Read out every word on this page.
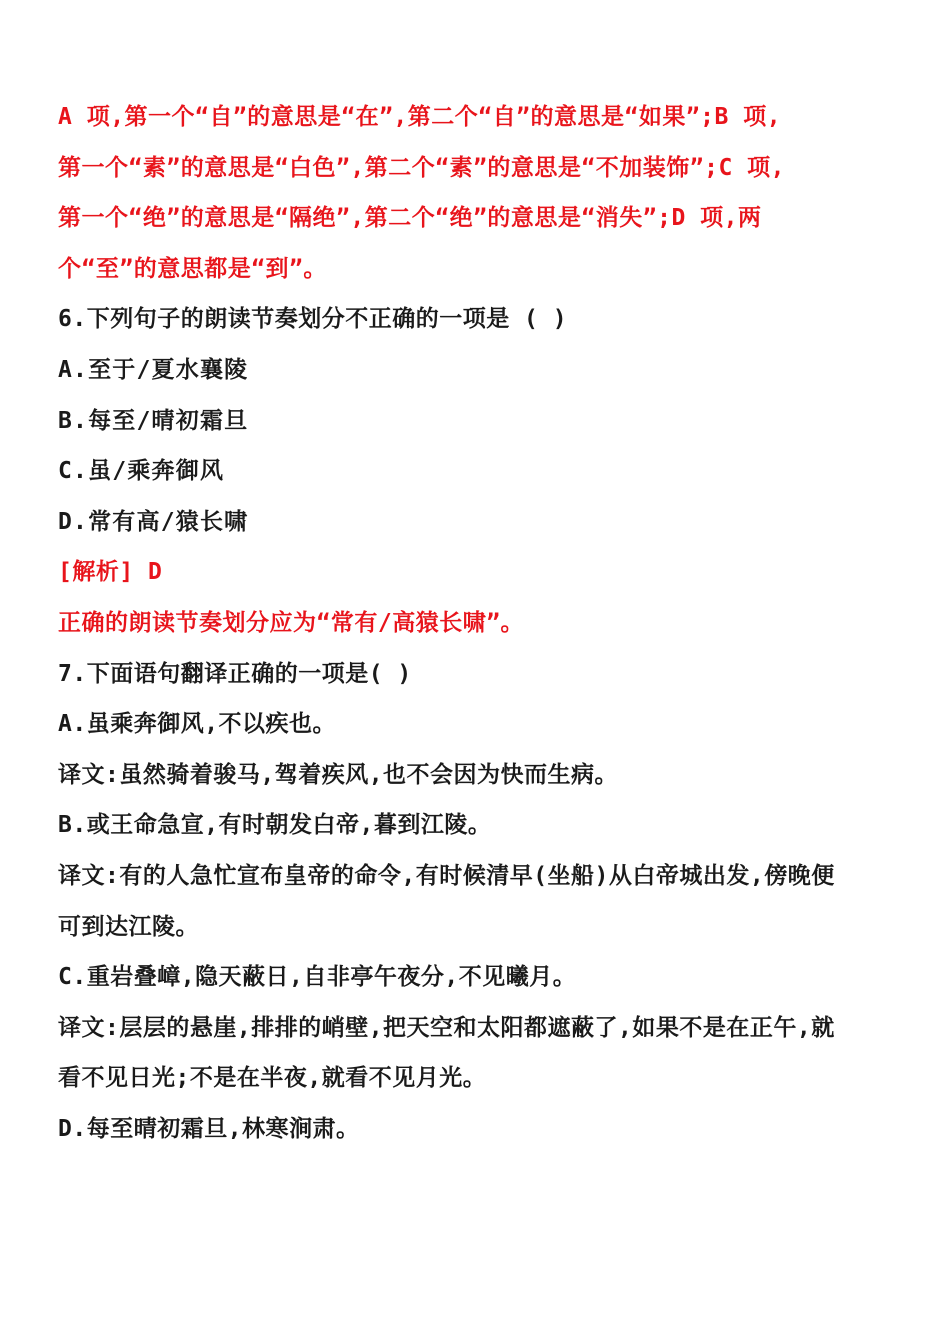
A 项,第一个“自”的意思是“在”,第二个“自”的意思是“如果”;B 项,
第一个“素”的意思是“白色”,第二个“素”的意思是“不加装饰”;C 项,
第一个“绝”的意思是“隔绝”,第二个“绝”的意思是“消失”;D 项,两
个“至”的意思都是“到”。
6.下列句子的朗读节奏划分不正确的一项是 ( )
A.至于/夏水襄陵
B.每至/晴初霜旦
C.虽/乘奔御风
D.常有高/猿长啸
[解析] D
正确的朗读节奏划分应为“常有/高猿长啸”。
7.下面语句翻译正确的一项是( )
A.虽乘奔御风,不以疾也。
译文:虽然骑着骏马,驾着疾风,也不会因为快而生病。
B.或王命急宣,有时朝发白帝,暮到江陵。
译文:有的人急忙宣布皇帝的命令,有时候清早(坐船)从白帝城出发,傍晚便
可到达江陵。
C.重岩叠嶂,隐天蔽日,自非亭午夜分,不见曦月。
译文:层层的悬崖,排排的峭壁,把天空和太阳都遮蔽了,如果不是在正午,就
看不见日光;不是在半夜,就看不见月光。
D.每至晴初霜旦,林寒涧肃。
